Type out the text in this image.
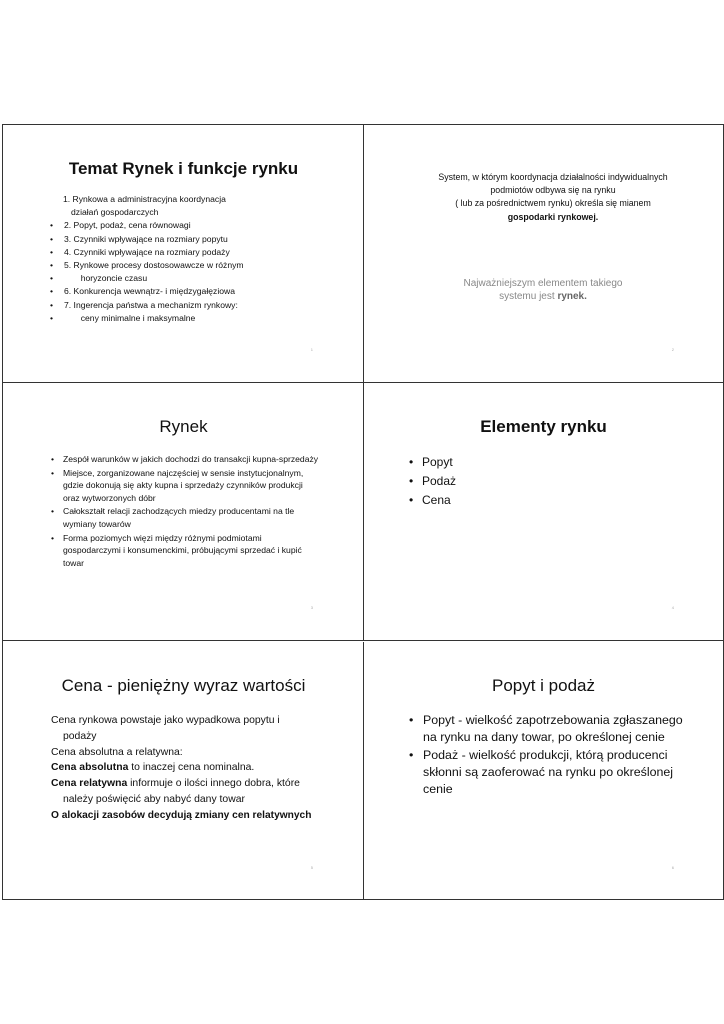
Temat Rynek i funkcje rynku
1. Rynkowa a administracyjna koordynacja
działań gospodarczych
• 2. Popyt, podaż, cena równowagi
• 3. Czynniki wpływające na rozmiary popytu
• 4. Czynniki wpływające na rozmiary podaży
• 5. Rynkowe procesy dostosowawcze w różnym
• horyzoncie czasu
• 6. Konkurencja wewnątrz- i międzygałęziowa
• 7. Ingerencja państwa a mechanizm rynkowy:
• ceny minimalne i maksymalne
1
System, w którym koordynacja działalności indywidualnych
podmiotów odbywa się na rynku
( lub za pośrednictwem rynku) określa się mianem
gospodarki rynkowej.
Najważniejszym elementem takiego
systemu jest rynek.
2
Rynek
• Zespół warunków w jakich dochodzi do transakcji kupna-sprzedaży
• Miejsce, zorganizowane najczęściej w sensie instytucjonalnym, gdzie dokonują się akty kupna i sprzedaży czynników produkcji oraz wytworzonych dóbr
• Całokształt relacji zachodzących miedzy producentami na tle wymiany towarów
• Forma poziomych więzi między różnymi podmiotami gospodarczymi i konsumenckimi, próbującymi sprzedać i kupić towar
3
Elementy rynku
• Popyt
• Podaż
• Cena
4
Cena - pieniężny wyraz wartości
Cena rynkowa powstaje jako wypadkowa popytu i
podaży
Cena absolutna a relatywna:
Cena absolutna to inaczej cena nominalna.
Cena relatywna informuje o ilości innego dobra, które
należy poświęcić aby nabyć dany towar
O alokacji zasobów decydują zmiany cen relatywnych
5
Popyt i podaż
• Popyt - wielkość zapotrzebowania zgłaszanego na rynku na dany towar, po określonej cenie
• Podaż - wielkość produkcji, którą producenci skłonni są zaoferować na rynku po określonej cenie
6
